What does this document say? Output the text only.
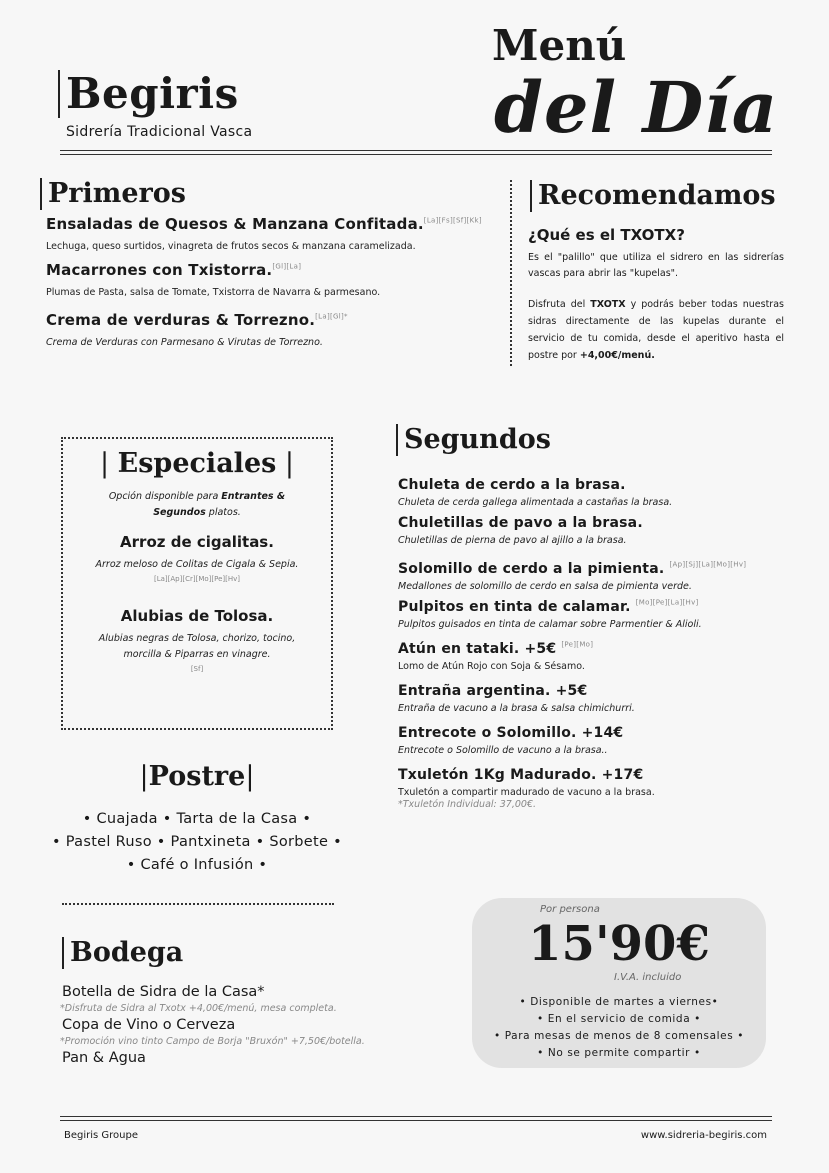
Begiris
Sidrería Tradicional Vasca
Menú
del Día
Primeros
Ensaladas de Quesos & Manzana Confitada.[La][Fs][Sf][Kk]
Lechuga, queso surtidos, vinagreta de frutos secos & manzana caramelizada.
Macarrones con Txistorra.[Gl][La]
Plumas de Pasta, salsa de Tomate, Txistorra de Navarra & parmesano.
Crema de verduras & Torrezno.$^{[La][Gl]*}$
Crema de Verduras con Parmesano & Virutas de Torrezno.
Recomendamos
¿Qué es el TXOTX?
Es el "palillo" que utiliza el sidrero en las sidrerías vascas para abrir las "kupelas".
Disfruta del TXOTX y podrás beber todas nuestras sidras directamente de las kupelas durante el servicio de tu comida, desde el aperitivo hasta el postre por +4,00€/menú.
| Especiales |
Opción disponible para Entrantes & Segundos platos.
Arroz de cigalitas.
Arroz meloso de Colitas de Cigala & Sepia.
[La][Ap][Cr][Mo][Pe][Hv]
Alubias de Tolosa.
Alubias negras de Tolosa, chorizo, tocino, morcilla & Piparras en vinagre.
[Sf]
Segundos
Chuleta de cerdo a la brasa.
Chuleta de cerda gallega alimentada a castañas la brasa.
Chuletillas de pavo a la brasa.
Chuletillas de pierna de pavo al ajillo a la brasa.
Solomillo de cerdo a la pimienta. [Ap][Sj][La][Mo][Hv]
Medallones de solomillo de cerdo en salsa de pimienta verde.
Pulpitos en tinta de calamar. [Mo][Pe][La][Hv]
Pulpitos guisados en tinta de calamar sobre Parmentier & Alioli.
Atún en tataki. +5€ [Pe][Mo]
Lomo de Atún Rojo con Soja & Sésamo.
Entraña argentina. +5€
Entraña de vacuno a la brasa & salsa chimichurri.
Entrecote o Solomillo. +14€
Entrecote o Solomillo de vacuno a la brasa..
Txuletón 1Kg Madurado. +17€
Txuletón a compartir madurado de vacuno a la brasa.
*Txuletón Individual: 37,00€.
|Postre|
• Cuajada • Tarta de la Casa •
• Pastel Ruso • Pantxineta • Sorbete •
• Café o Infusión •
Bodega
Botella de Sidra de la Casa*
*Disfruta de Sidra al Txotx +4,00€/menú, mesa completa.
Copa de Vino o Cerveza
*Promoción vino tinto Campo de Borja "Bruxón" +7,50€/botella.
Pan & Agua
Por persona
15'90€
I.V.A. incluido
• Disponible de martes a viernes•
• En el servicio de comida •
• Para mesas de menos de 8 comensales •
• No se permite compartir •
Begiris Groupe	www.sidreria-begiris.com
